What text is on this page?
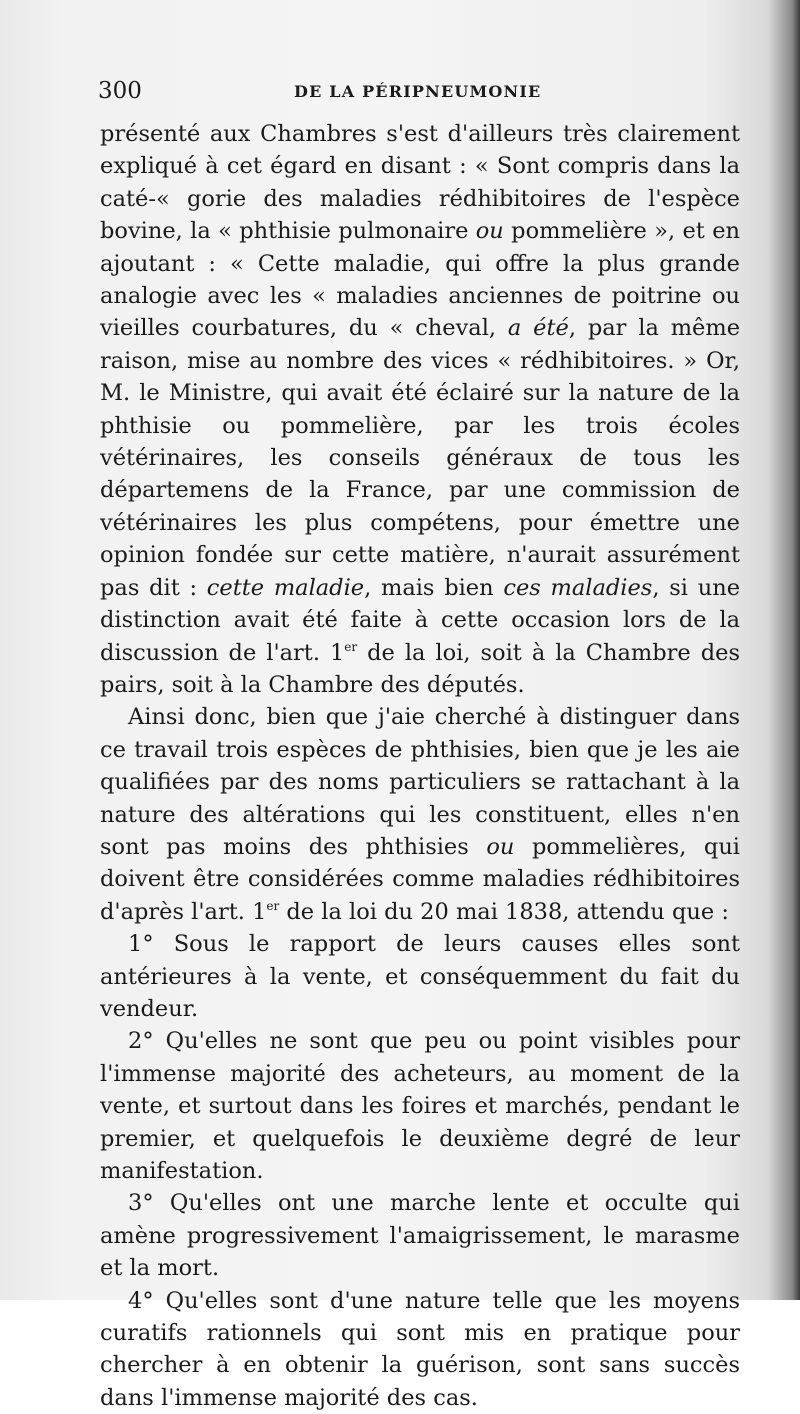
300	DE LA PÉRIPNEUMONIE

présenté aux Chambres s'est d'ailleurs très clairement expliqué à cet égard en disant : « Sont compris dans la caté-« gorie des maladies rédhibitoires de l'espèce bovine, la « phthisie pulmonaire ou pommelière », et en ajoutant : « Cette maladie, qui offre la plus grande analogie avec les « maladies anciennes de poitrine ou vieilles courbatures, du « cheval, a été, par la même raison, mise au nombre des vices « rédhibitoires. » Or, M. le Ministre, qui avait été éclairé sur la nature de la phthisie ou pommelière, par les trois écoles vétérinaires, les conseils généraux de tous les départemens de la France, par une commission de vétérinaires les plus compétens, pour émettre une opinion fondée sur cette matière, n'aurait assurément pas dit : cette maladie, mais bien ces maladies, si une distinction avait été faite à cette occasion lors de la discussion de l'art. 1er de la loi, soit à la Chambre des pairs, soit à la Chambre des députés.

Ainsi donc, bien que j'aie cherché à distinguer dans ce travail trois espèces de phthisies, bien que je les aie qualifiées par des noms particuliers se rattachant à la nature des altérations qui les constituent, elles n'en sont pas moins des phthisies ou pommelières, qui doivent être considérées comme maladies rédhibitoires d'après l'art. 1er de la loi du 20 mai 1838, attendu que :

1° Sous le rapport de leurs causes elles sont antérieures à la vente, et conséquemment du fait du vendeur.

2° Qu'elles ne sont que peu ou point visibles pour l'immense majorité des acheteurs, au moment de la vente, et surtout dans les foires et marchés, pendant le premier, et quelquefois le deuxième degré de leur manifestation.

3° Qu'elles ont une marche lente et occulte qui amène progressivement l'amaigrissement, le marasme et la mort.

4° Qu'elles sont d'une nature telle que les moyens curatifs rationnels qui sont mis en pratique pour chercher à en obtenir la guérison, sont sans succès dans l'immense majorité des cas.
